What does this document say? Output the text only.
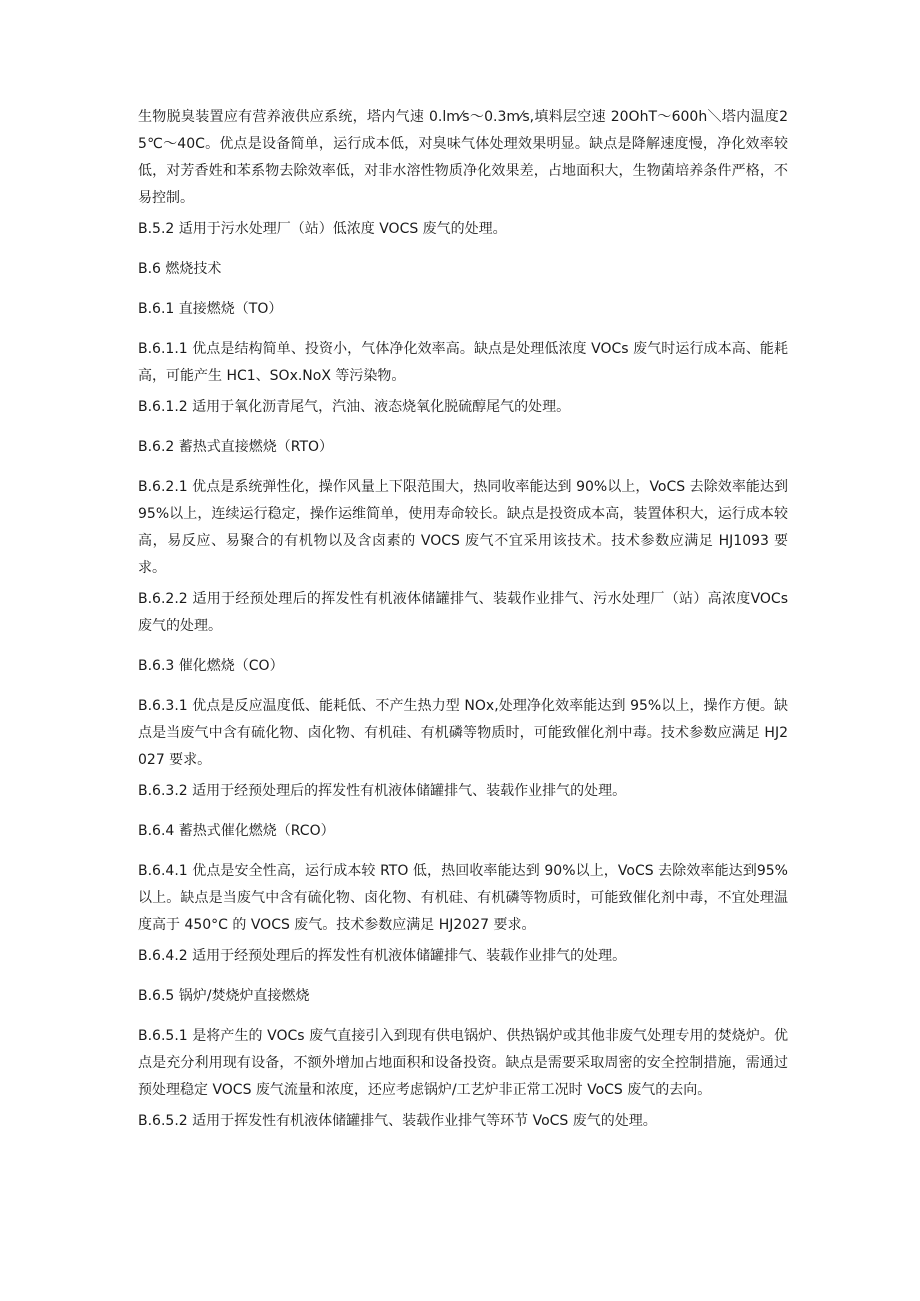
生物脱臭装置应有营养液供应系统，塔内气速 0.lm⁄s～0.3m⁄s,填料层空速 20OhT～600h＼塔内温度25℃～40C。优点是设备简单，运行成本低，对臭味气体处理效果明显。缺点是降解速度慢，净化效率较低，对芳香姓和苯系物去除效率低，对非水溶性物质净化效果差，占地面积大，生物菌培养条件严格，不易控制。

B.5.2 适用于污水处理厂（站）低浓度 VOCS 废气的处理。

B.6 燃烧技术

B.6.1 直接燃烧（TO）

B.6.1.1 优点是结构简单、投资小，气体净化效率高。缺点是处理低浓度 VOCs 废气时运行成本高、能耗高，可能产生 HC1、SOx.NoX 等污染物。

B.6.1.2 适用于氧化沥青尾气，汽油、液态烧氧化脱硫醇尾气的处理。

B.6.2 蓄热式直接燃烧（RTO）

B.6.2.1 优点是系统弹性化，操作风量上下限范围大，热同收率能达到 90%以上，VoCS 去除效率能达到 95%以上，连续运行稳定，操作运维简单，使用寿命较长。缺点是投资成本高，装置体积大，运行成本较高，易反应、易聚合的有机物以及含卤素的 VOCS 废气不宜采用该技术。技术参数应满足 HJ1093 要求。

B.6.2.2 适用于经预处理后的挥发性有机液体储罐排气、装载作业排气、污水处理厂（站）高浓度VOCs 废气的处理。

B.6.3 催化燃烧（CO）

B.6.3.1 优点是反应温度低、能耗低、不产生热力型 NOx,处理净化效率能达到 95%以上，操作方便。缺点是当废气中含有硫化物、卤化物、有机硅、有机磷等物质时，可能致催化剂中毒。技术参数应满足 HJ2027 要求。

B.6.3.2 适用于经预处理后的挥发性有机液体储罐排气、装载作业排气的处理。

B.6.4 蓄热式催化燃烧（RCO）

B.6.4.1 优点是安全性高，运行成本较 RTO 低，热回收率能达到 90%以上，VoCS 去除效率能达到95%以上。缺点是当废气中含有硫化物、卤化物、有机硅、有机磷等物质时，可能致催化剂中毒，不宜处理温度高于 450°C 的 VOCS 废气。技术参数应满足 HJ2027 要求。

B.6.4.2 适用于经预处理后的挥发性有机液体储罐排气、装载作业排气的处理。

B.6.5 锅炉/焚烧炉直接燃烧

B.6.5.1 是将产生的 VOCs 废气直接引入到现有供电锅炉、供热锅炉或其他非废气处理专用的焚烧炉。优点是充分利用现有设备，不额外增加占地面积和设备投资。缺点是需要采取周密的安全控制措施，需通过预处理稳定 VOCS 废气流量和浓度，还应考虑锅炉/工艺炉非正常工况时 VoCS 废气的去向。

B.6.5.2 适用于挥发性有机液体储罐排气、装载作业排气等环节 VoCS 废气的处理。
